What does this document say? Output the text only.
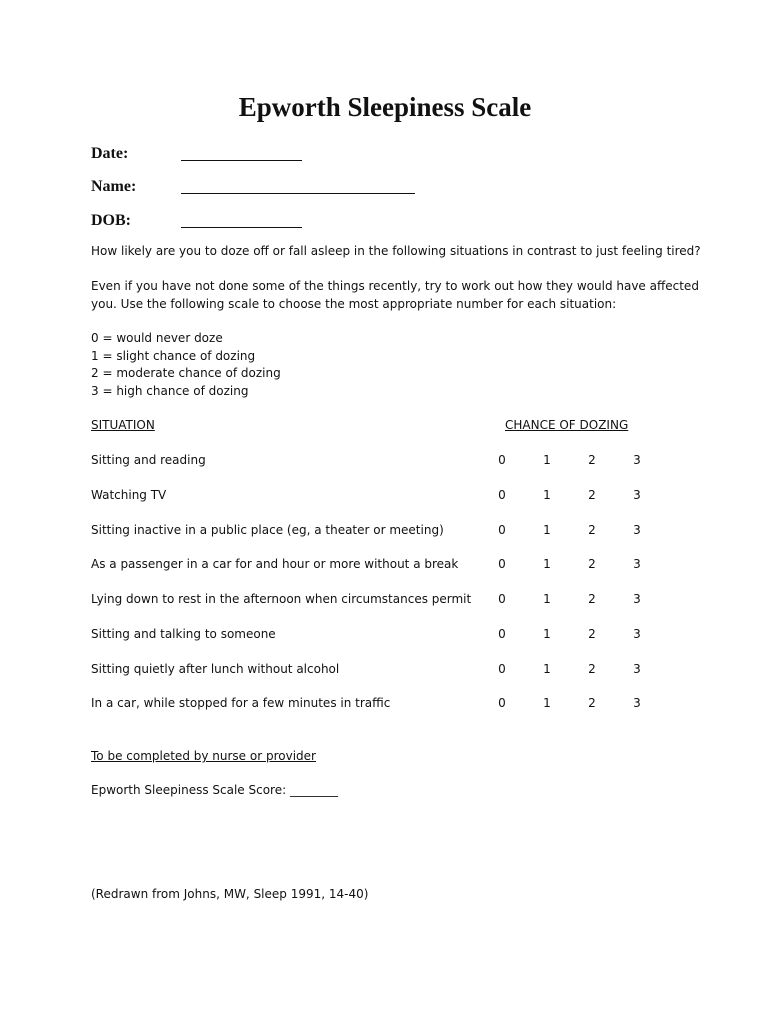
Epworth Sleepiness Scale
Date:
Name:
DOB:

How likely are you to doze off or fall asleep in the following situations in contrast to just feeling tired?

Even if you have not done some of the things recently, try to work out how they would have affected

you. Use the following scale to choose the most appropriate number for each situation:

0 = would never doze

1 = slight chance of dozing

2 = moderate chance of dozing

3 = high chance of dozing

SITUATION	CHANCE OF DOZING
Sitting and reading	0	1	2	3
Watching TV	0	1	2	3
Sitting inactive in a public place (eg, a theater or meeting)	0	1	2	3
As a passenger in a car for and hour or more without a break	0	1	2	3
Lying down to rest in the afternoon when circumstances permit	0	1	2	3
Sitting and talking to someone	0	1	2	3
Sitting quietly after lunch without alcohol	0	1	2	3
In a car, while stopped for a few minutes in traffic	0	1	2	3

To be completed by nurse or provider

Epworth Sleepiness Scale Score: ________

(Redrawn from Johns, MW, Sleep 1991, 14-40)
